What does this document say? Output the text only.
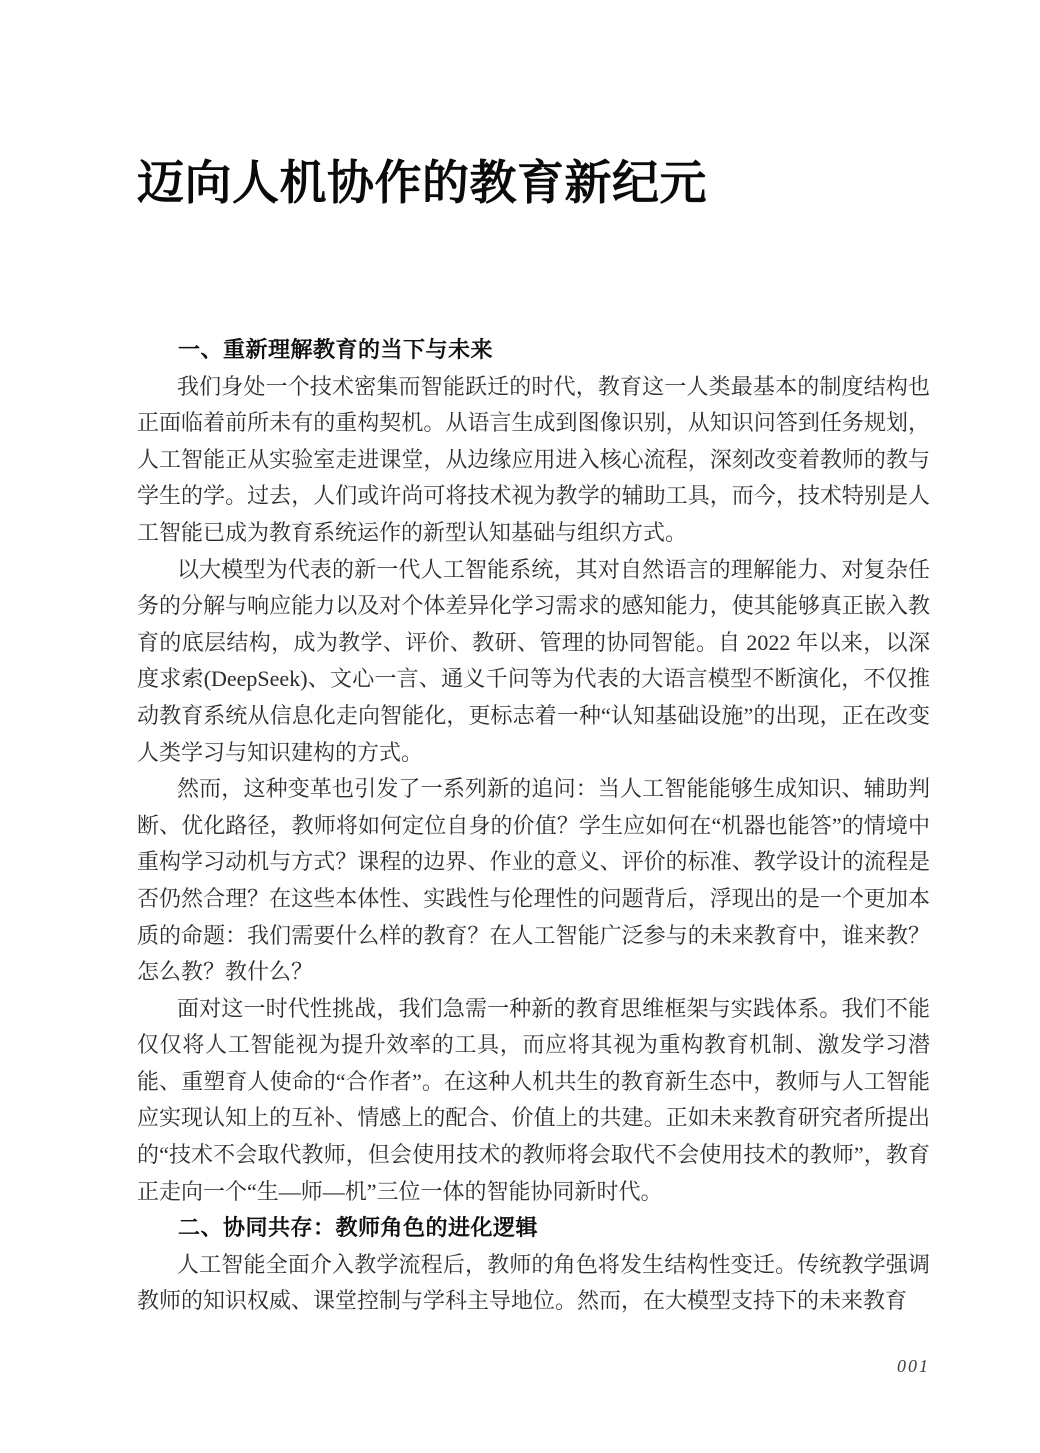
迈向人机协作的教育新纪元
一、重新理解教育的当下与未来

我们身处一个技术密集而智能跃迁的时代，教育这一人类最基本的制度结构也正面临着前所未有的重构契机。从语言生成到图像识别，从知识问答到任务规划，人工智能正从实验室走进课堂，从边缘应用进入核心流程，深刻改变着教师的教与学生的学。过去，人们或许尚可将技术视为教学的辅助工具，而今，技术特别是人工智能已成为教育系统运作的新型认知基础与组织方式。

以大模型为代表的新一代人工智能系统，其对自然语言的理解能力、对复杂任务的分解与响应能力以及对个体差异化学习需求的感知能力，使其能够真正嵌入教育的底层结构，成为教学、评价、教研、管理的协同智能。自 2022 年以来，以深度求索(DeepSeek)、文心一言、通义千问等为代表的大语言模型不断演化，不仅推动教育系统从信息化走向智能化，更标志着一种“认知基础设施”的出现，正在改变人类学习与知识建构的方式。

然而，这种变革也引发了一系列新的追问：当人工智能能够生成知识、辅助判断、优化路径，教师将如何定位自身的价值？学生应如何在“机器也能答”的情境中重构学习动机与方式？课程的边界、作业的意义、评价的标准、教学设计的流程是否仍然合理？在这些本体性、实践性与伦理性的问题背后，浮现出的是一个更加本质的命题：我们需要什么样的教育？在人工智能广泛参与的未来教育中，谁来教？怎么教？教什么？

面对这一时代性挑战，我们急需一种新的教育思维框架与实践体系。我们不能仅仅将人工智能视为提升效率的工具，而应将其视为重构教育机制、激发学习潜能、重塑育人使命的“合作者”。在这种人机共生的教育新生态中，教师与人工智能应实现认知上的互补、情感上的配合、价值上的共建。正如未来教育研究者所提出的“技术不会取代教师，但会使用技术的教师将会取代不会使用技术的教师”，教育正走向一个“生—师—机”三位一体的智能协同新时代。

二、协同共存：教师角色的进化逻辑

人工智能全面介入教学流程后，教师的角色将发生结构性变迁。传统教学强调教师的知识权威、课堂控制与学科主导地位。然而，在大模型支持下的未来教育

001
